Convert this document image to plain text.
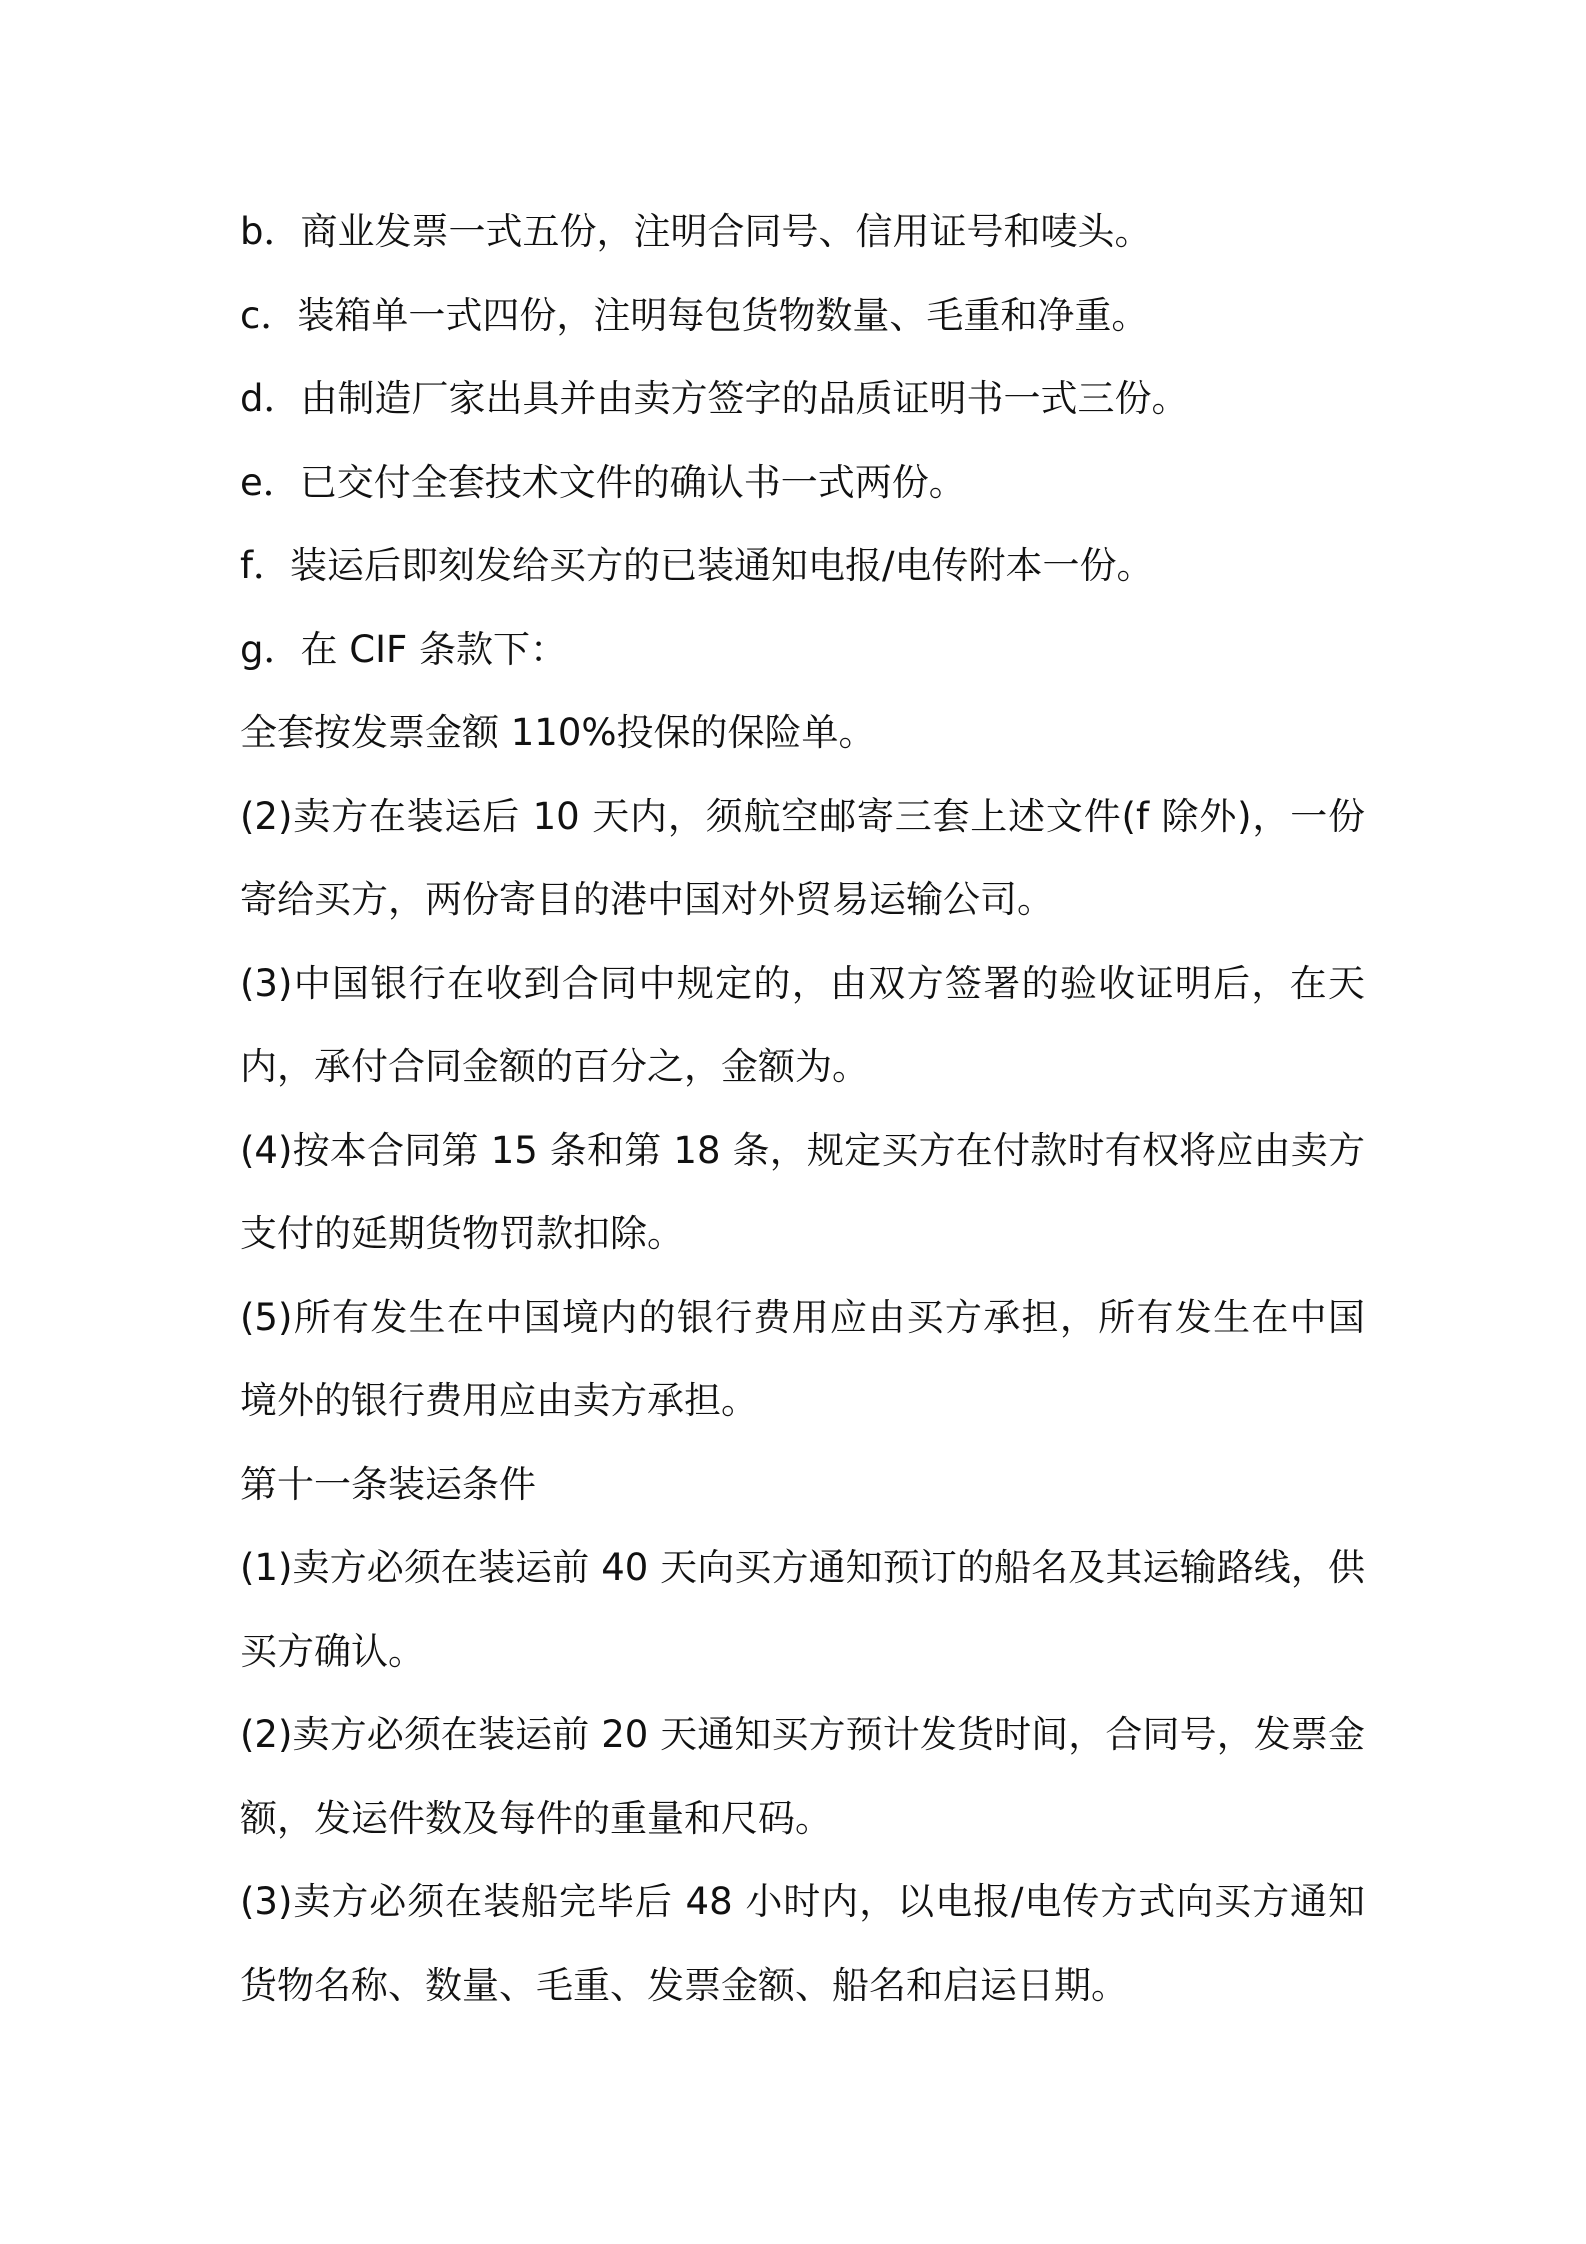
b．商业发票一式五份，注明合同号、信用证号和唛头。

c．装箱单一式四份，注明每包货物数量、毛重和净重。

d．由制造厂家出具并由卖方签字的品质证明书一式三份。

e．已交付全套技术文件的确认书一式两份。

f．装运后即刻发给买方的已装通知电报/电传附本一份。

g．在 CIF 条款下：

全套按发票金额 110%投保的保险单。

(2)卖方在装运后 10 天内，须航空邮寄三套上述文件(f 除外)，一份寄给买方，两份寄目的港中国对外贸易运输公司。

(3)中国银行在收到合同中规定的，由双方签署的验收证明后，在天内，承付合同金额的百分之，金额为。

(4)按本合同第 15 条和第 18 条，规定买方在付款时有权将应由卖方支付的延期货物罚款扣除。

(5)所有发生在中国境内的银行费用应由买方承担，所有发生在中国境外的银行费用应由卖方承担。

第十一条装运条件

(1)卖方必须在装运前 40 天向买方通知预订的船名及其运输路线，供买方确认。

(2)卖方必须在装运前 20 天通知买方预计发货时间，合同号，发票金额，发运件数及每件的重量和尺码。

(3)卖方必须在装船完毕后 48 小时内，以电报/电传方式向买方通知货物名称、数量、毛重、发票金额、船名和启运日期。
